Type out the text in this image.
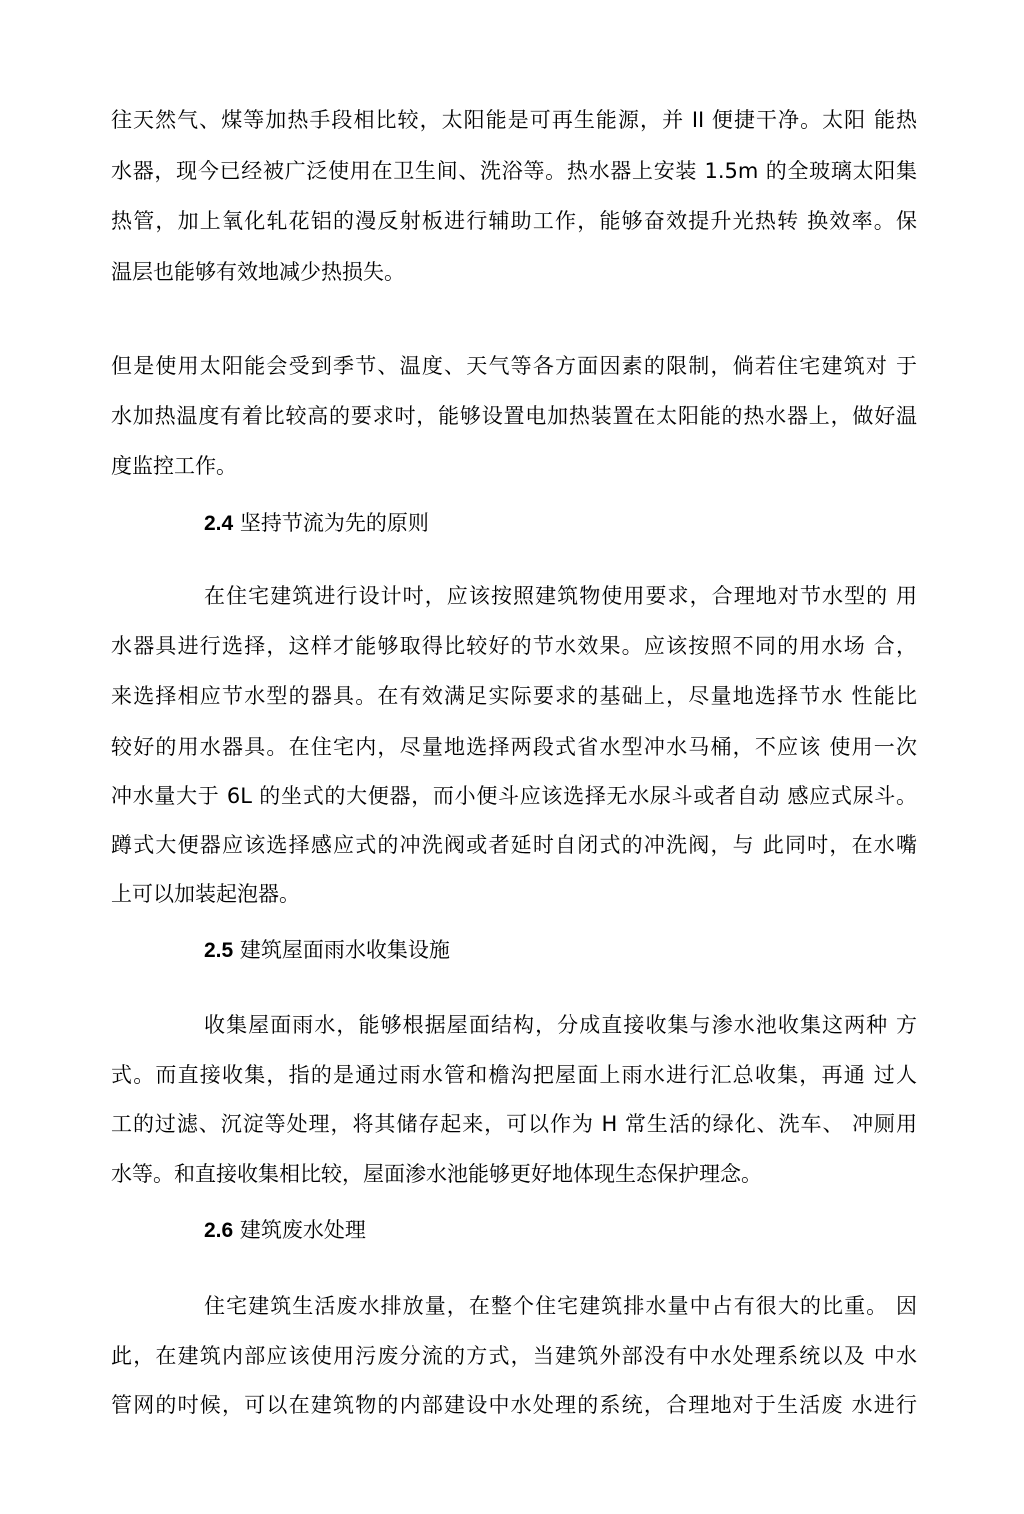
往天然气、煤等加热手段相比较，太阳能是可再生能源，并 II 便捷干净。太阳 能热
水器，现今已经被广泛使用在卫生间、洗浴等。热水器上安装 1.5m 的全玻璃太阳集
热管，加上氧化轧花铝的漫反射板进行辅助工作，能够奋效提升光热转 换效率。保
温层也能够有效地减少热损失。
但是使用太阳能会受到季节、温度、天气等各方面因素的限制，倘若住宅建筑对 于
水加热温度有着比较高的要求吋，能够设置电加热装置在太阳能的热水器上，做好温
度监控工作。
2.4 坚持节流为先的原则
在住宅建筑进行设计吋，应该按照建筑物使用要求，合理地对节水型的 用
水器具进行选择，这样才能够取得比较好的节水效果。应该按照不同的用水场 合，
来选择相应节水型的器具。在有效满足实际要求的基础上，尽量地选择节水 性能比
较好的用水器具。在住宅内，尽量地选择两段式省水型冲水马桶，不应该 使用一次
冲水量大于 6L 的坐式的大便器，而小便斗应该选择无水尿斗或者自动 感应式尿斗。
蹲式大便器应该选择感应式的冲洗阀或者延时自闭式的冲洗阀，与 此同吋，在水嘴
上可以加装起泡器。
2.5 建筑屋面雨水收集设施
收集屋面雨水，能够根据屋面结构，分成直接收集与渗水池收集这两种 方
式。而直接收集，指的是通过雨水管和檐沟把屋面上雨水进行汇总收集，再通 过人
工的过滤、沉淀等处理，将其储存起来，可以作为 H 常生活的绿化、洗车、 冲厕用
水等。和直接收集相比较，屋面渗水池能够更好地体现生态保护理念。
2.6 建筑废水处理
住宅建筑生活废水排放量，在整个住宅建筑排水量中占有很大的比重。 因
此，在建筑内部应该使用污废分流的方式，当建筑外部没有中水处理系统以及 中水
管网的吋候，可以在建筑物的内部建设中水处理的系统，合理地对于生活废 水进行
